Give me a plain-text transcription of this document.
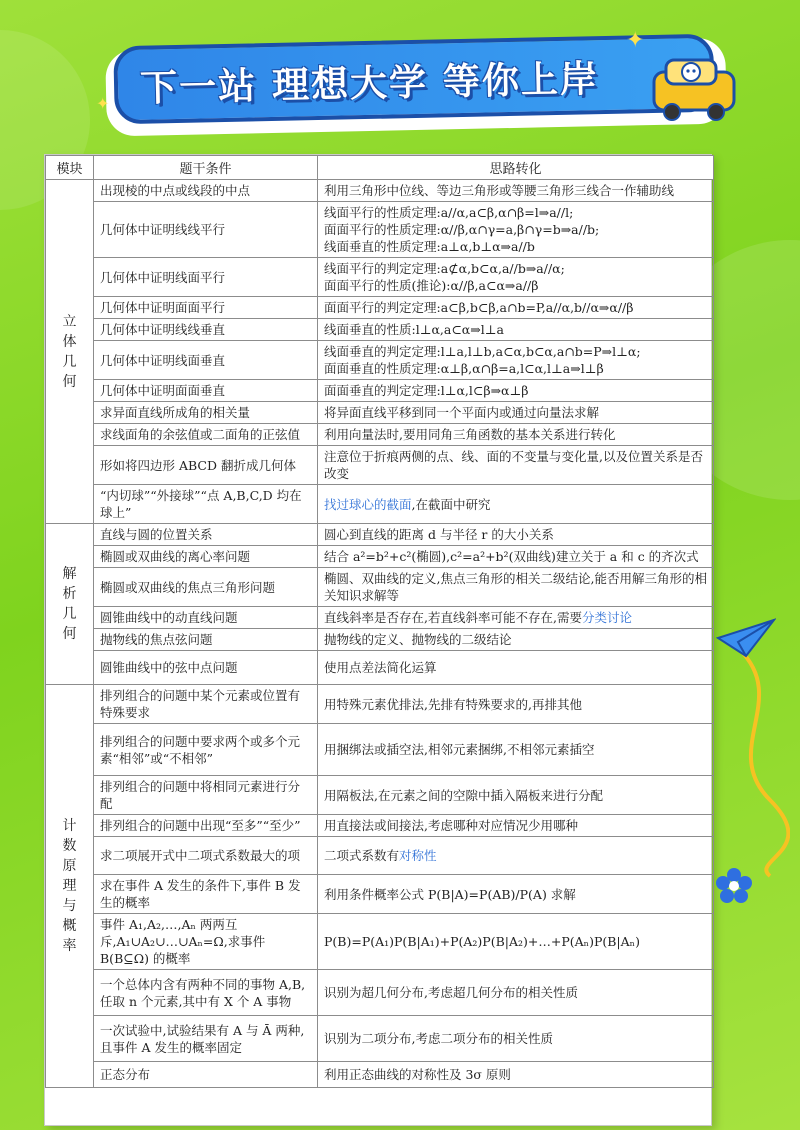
下一站 理想大学 等你上岸
✦
✦
模块	题干条件	思路转化
立体几何	出现棱的中点或线段的中点	利用三角形中位线、等边三角形或等腰三角形三线合一作辅助线
	几何体中证明线线平行	线面平行的性质定理:a//α,a⊂β,α∩β=l⇒a//l;
面面平行的性质定理:α//β,α∩γ=a,β∩γ=b⇒a//b;
线面垂直的性质定理:a⊥α,b⊥α⇒a//b

	几何体中证明线面平行	线面平行的判定定理:a⊄α,b⊂α,a//b⇒a//α;
面面平行的性质(推论):α//β,a⊂α⇒a//β

	几何体中证明面面平行	面面平行的判定定理:a⊂β,b⊂β,a∩b=P,a//α,b//α⇒α//β
	几何体中证明线线垂直	线面垂直的性质:l⊥α,a⊂α⇒l⊥a
	几何体中证明线面垂直	线面垂直的判定定理:l⊥a,l⊥b,a⊂α,b⊂α,a∩b=P⇒l⊥α;
面面垂直的性质定理:α⊥β,α∩β=a,l⊂α,l⊥a⇒l⊥β

	几何体中证明面面垂直	面面垂直的判定定理:l⊥α,l⊂β⇒α⊥β
	求异面直线所成角的相关量	将异面直线平移到同一个平面内或通过向量法求解
	求线面角的余弦值或二面角的正弦值	利用向量法时,要用同角三角函数的基本关系进行转化
	形如将四边形 ABCD 翻折成几何体	注意位于折痕两侧的点、线、面的不变量与变化量,以及位置关系是否改变
	“内切球”“外接球”“点 A,B,C,D 均在球上”	找过球心的截面,在截面中研究
解析几何	直线与圆的位置关系	圆心到直线的距离 d 与半径 r 的大小关系
	椭圆或双曲线的离心率问题	结合 a²=b²+c²(椭圆),c²=a²+b²(双曲线)建立关于 a 和 c 的齐次式
	椭圆或双曲线的焦点三角形问题	椭圆、双曲线的定义,焦点三角形的相关二级结论,能否用解三角形的相关知识求解等
	圆锥曲线中的动直线问题	直线斜率是否存在,若直线斜率可能不存在,需要分类讨论
	抛物线的焦点弦问题	抛物线的定义、抛物线的二级结论
	圆锥曲线中的弦中点问题	使用点差法简化运算
计数原理与概率	排列组合的问题中某个元素或位置有特殊要求	用特殊元素优排法,先排有特殊要求的,再排其他
	排列组合的问题中要求两个或多个元素“相邻”或“不相邻”	用捆绑法或插空法,相邻元素捆绑,不相邻元素插空
	排列组合的问题中将相同元素进行分配	用隔板法,在元素之间的空隙中插入隔板来进行分配
	排列组合的问题中出现“至多”“至少”	用直接法或间接法,考虑哪种对应情况少用哪种
	求二项展开式中二项式系数最大的项	二项式系数有对称性
	求在事件 A 发生的条件下,事件 B 发生的概率	利用条件概率公式 P(B|A)=P(AB)/P(A) 求解
	事件 A₁,A₂,…,Aₙ 两两互斥,A₁∪A₂∪…∪Aₙ=Ω,求事件 B(B⊆Ω) 的概率	P(B)=P(A₁)P(B|A₁)+P(A₂)P(B|A₂)+…+P(Aₙ)P(B|Aₙ)
	一个总体内含有两种不同的事物 A,B,任取 n 个元素,其中有 X 个 A 事物	识别为超几何分布,考虑超几何分布的相关性质
	一次试验中,试验结果有 A 与 Ā 两种,且事件 A 发生的概率固定	识别为二项分布,考虑二项分布的相关性质
	正态分布	利用正态曲线的对称性及 3σ 原则
